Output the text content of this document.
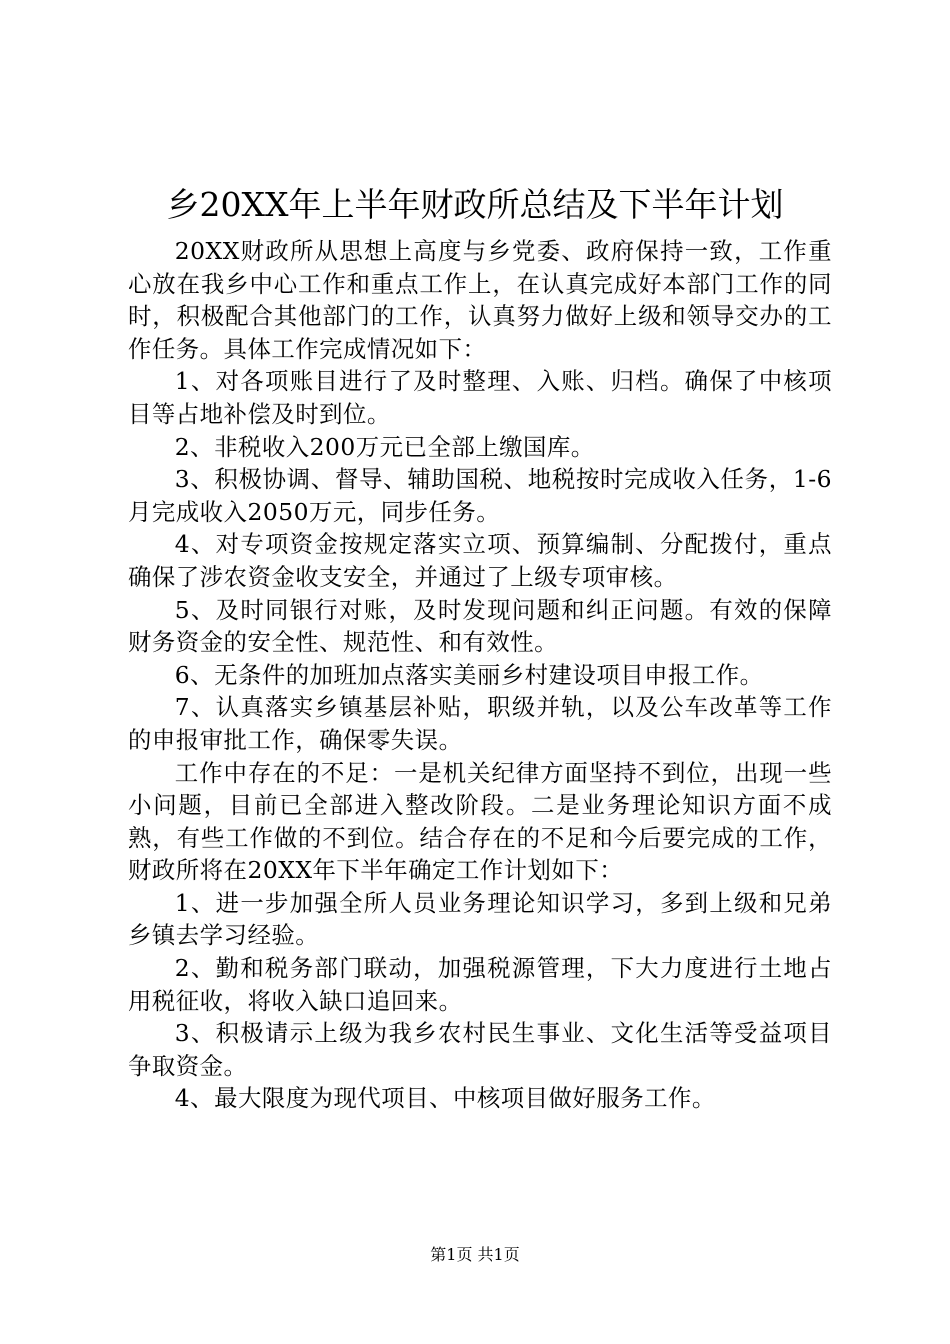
乡20XX年上半年财政所总结及下半年计划

20XX财政所从思想上高度与乡党委、政府保持一致，工作重心放在我乡中心工作和重点工作上，在认真完成好本部门工作的同时，积极配合其他部门的工作，认真努力做好上级和领导交办的工作任务。具体工作完成情况如下：

1、对各项账目进行了及时整理、入账、归档。确保了中核项目等占地补偿及时到位。

2、非税收入200万元已全部上缴国库。

3、积极协调、督导、辅助国税、地税按时完成收入任务，1-6月完成收入2050万元，同步任务。

4、对专项资金按规定落实立项、预算编制、分配拨付，重点确保了涉农资金收支安全，并通过了上级专项审核。

5、及时同银行对账，及时发现问题和纠正问题。有效的保障财务资金的安全性、规范性、和有效性。

6、无条件的加班加点落实美丽乡村建设项目申报工作。

7、认真落实乡镇基层补贴，职级并轨，以及公车改革等工作的申报审批工作，确保零失误。

工作中存在的不足：一是机关纪律方面坚持不到位，出现一些小问题，目前已全部进入整改阶段。二是业务理论知识方面不成熟，有些工作做的不到位。结合存在的不足和今后要完成的工作，财政所将在20XX年下半年确定工作计划如下：

1、进一步加强全所人员业务理论知识学习，多到上级和兄弟乡镇去学习经验。

2、勤和税务部门联动，加强税源管理，下大力度进行土地占用税征收，将收入缺口追回来。

3、积极请示上级为我乡农村民生事业、文化生活等受益项目争取资金。

4、最大限度为现代项目、中核项目做好服务工作。

第1页 共1页
